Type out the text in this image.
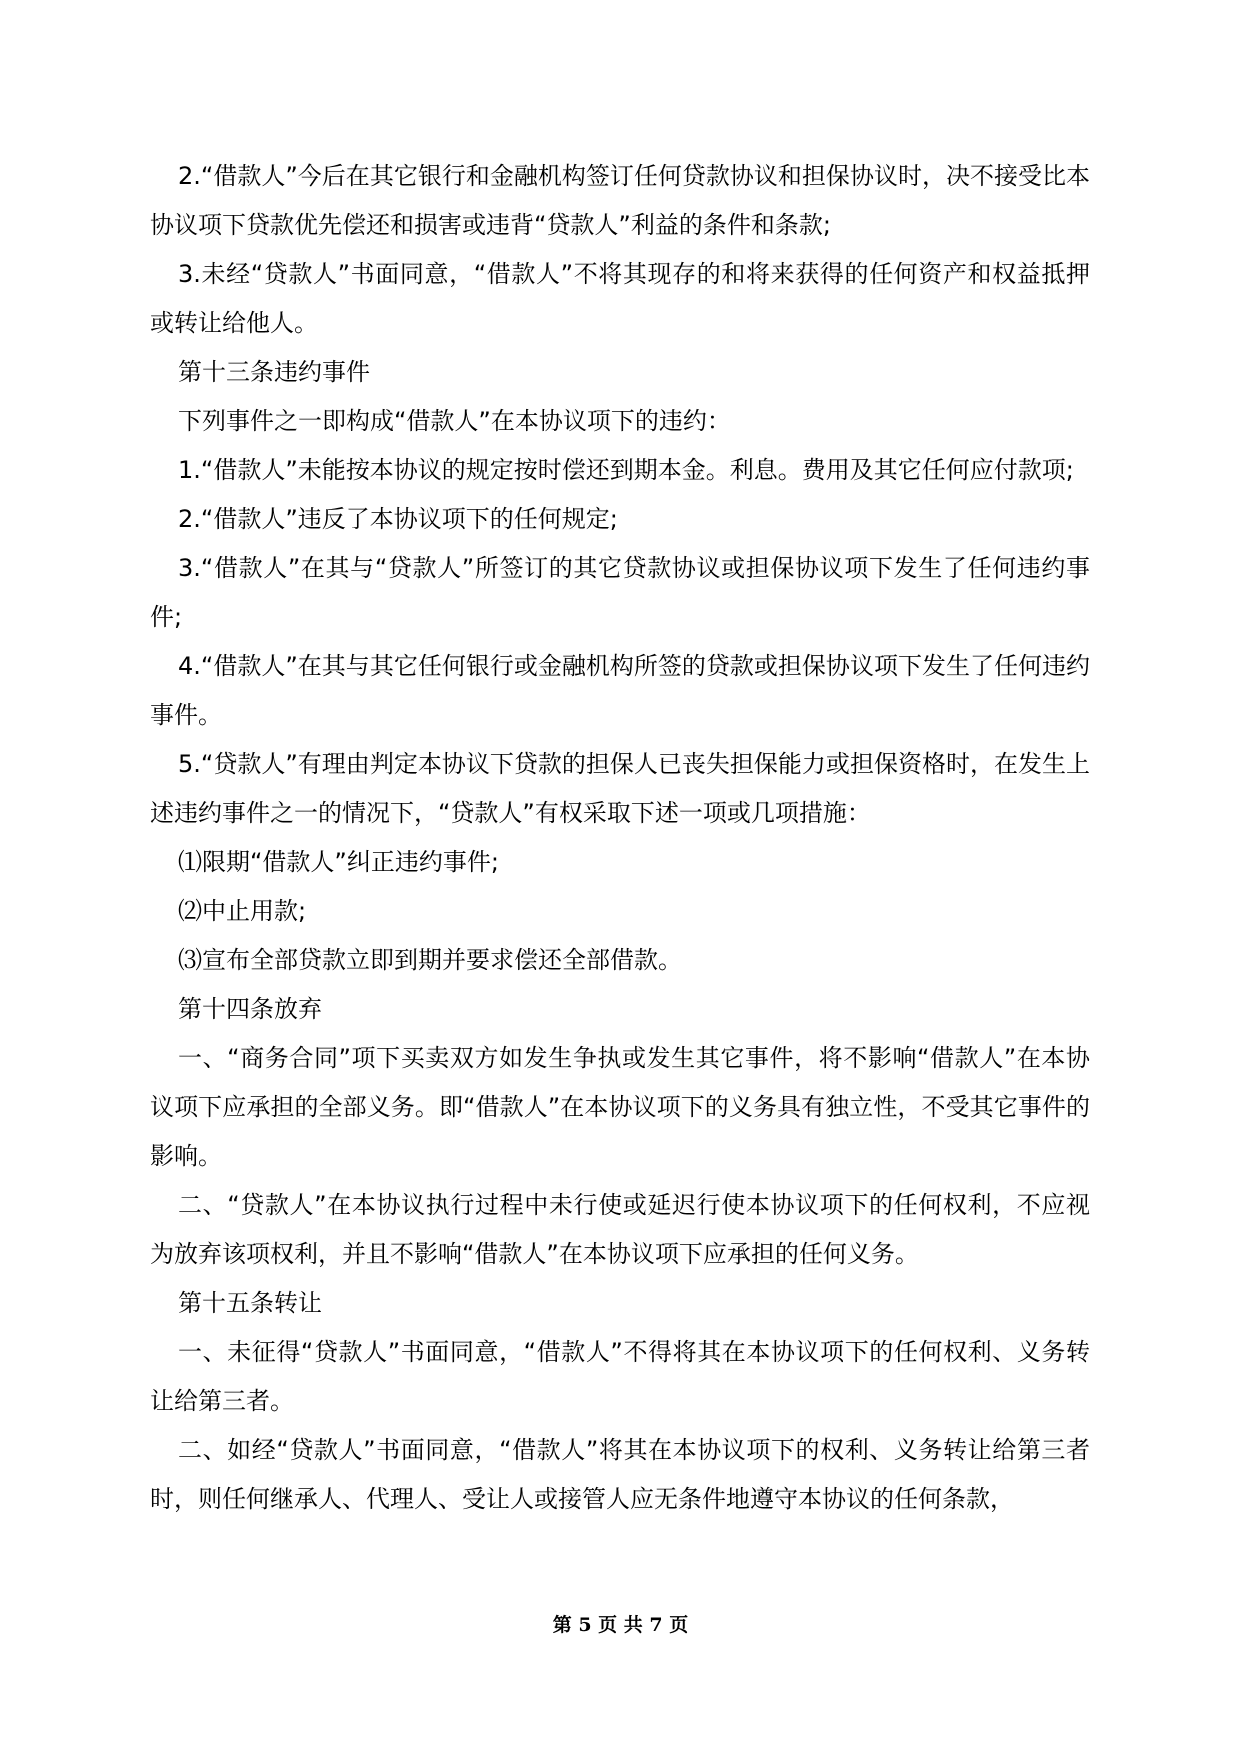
2.“借款人”今后在其它银行和金融机构签订任何贷款协议和担保协议时，决不接受比本协议项下贷款优先偿还和损害或违背“贷款人”利益的条件和条款;

3.未经“贷款人”书面同意，“借款人”不将其现存的和将来获得的任何资产和权益抵押或转让给他人。

第十三条违约事件

下列事件之一即构成“借款人”在本协议项下的违约：

1.“借款人”未能按本协议的规定按时偿还到期本金。利息。费用及其它任何应付款项;

2.“借款人”违反了本协议项下的任何规定;

3.“借款人”在其与“贷款人”所签订的其它贷款协议或担保协议项下发生了任何违约事件;

4.“借款人”在其与其它任何银行或金融机构所签的贷款或担保协议项下发生了任何违约事件。

5.“贷款人”有理由判定本协议下贷款的担保人已丧失担保能力或担保资格时，在发生上述违约事件之一的情况下，“贷款人”有权采取下述一项或几项措施：

⑴限期“借款人”纠正违约事件;

⑵中止用款;

⑶宣布全部贷款立即到期并要求偿还全部借款。

第十四条放弃

一、“商务合同”项下买卖双方如发生争执或发生其它事件，将不影响“借款人”在本协议项下应承担的全部义务。即“借款人”在本协议项下的义务具有独立性，不受其它事件的影响。

二、“贷款人”在本协议执行过程中未行使或延迟行使本协议项下的任何权利，不应视为放弃该项权利，并且不影响“借款人”在本协议项下应承担的任何义务。

第十五条转让

一、未征得“贷款人”书面同意，“借款人”不得将其在本协议项下的任何权利、义务转让给第三者。

二、如经“贷款人”书面同意，“借款人”将其在本协议项下的权利、义务转让给第三者时，则任何继承人、代理人、受让人或接管人应无条件地遵守本协议的任何条款，

第 5 页 共 7 页
